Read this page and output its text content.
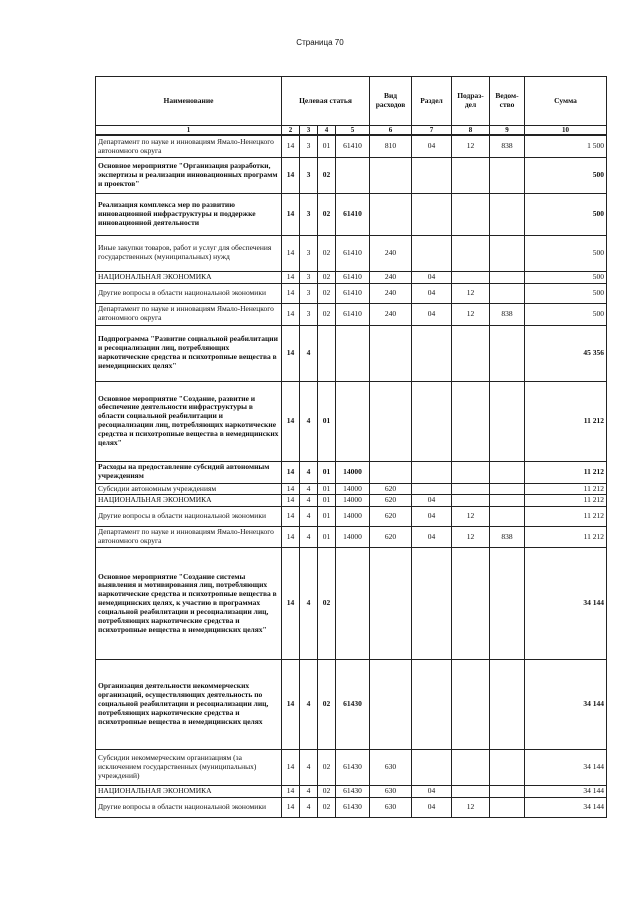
Страница 70
Наименование	Целевая статья				Вид расходов	Раздел	Подраз-дел	Ведом-ство	Сумма
1	2	3	4	5	6	7	8	9	10
Департамент по науке и инновациям Ямало-Ненецкого автономного округа	14	3	01	61410	810	04	12	838	1 500
Основное мероприятие "Организация разработки, экспертизы и реализации инновационных программ и проектов"	14	3	02						500
Реализация комплекса мер по развитию инновационной инфраструктуры и поддержке инновационной деятельности	14	3	02	61410					500
Иные закупки товаров, работ и услуг для обеспечения государственных (муниципальных) нужд	14	3	02	61410	240				500
НАЦИОНАЛЬНАЯ ЭКОНОМИКА	14	3	02	61410	240	04			500
Другие вопросы в области национальной экономики	14	3	02	61410	240	04	12		500
Департамент по науке и инновациям Ямало-Ненецкого автономного округа	14	3	02	61410	240	04	12	838	500
Подпрограмма "Развитие социальной реабилитации и ресоциализации лиц, потребляющих наркотические средства и психотропные вещества в немедицинских целях"	14	4							45 356
Основное мероприятие "Создание, развитие и обеспечение деятельности инфраструктуры в области социальной реабилитации и ресоциализации лиц, потребляющих наркотические средства и психотропные вещества в немедицинских целях"	14	4	01						11 212
Расходы на предоставление субсидий автономным учреждениям	14	4	01	14000					11 212
Субсидии автономным учреждениям	14	4	01	14000	620				11 212
НАЦИОНАЛЬНАЯ ЭКОНОМИКА	14	4	01	14000	620	04			11 212
Другие вопросы в области национальной экономики	14	4	01	14000	620	04	12		11 212
Департамент по науке и инновациям Ямало-Ненецкого автономного округа	14	4	01	14000	620	04	12	838	11 212
Основное мероприятие "Создание системы выявления и мотивирования лиц, потребляющих наркотические средства и психотропные вещества в немедицинских целях, к участию в программах социальной реабилитации и ресоциализации лиц, потребляющих наркотические средства и психотропные вещества в немедицинских целях"	14	4	02						34 144
Организация деятельности некоммерческих организаций, осуществляющих деятельность по социальной реабилитации и ресоциализации лиц, потребляющих наркотические средства и психотропные вещества в немедицинских целях	14	4	02	61430					34 144
Субсидии некоммерческим организациям (за исключением государственных (муниципальных) учреждений)	14	4	02	61430	630				34 144
НАЦИОНАЛЬНАЯ ЭКОНОМИКА	14	4	02	61430	630	04			34 144
Другие вопросы в области национальной экономики	14	4	02	61430	630	04	12		34 144
